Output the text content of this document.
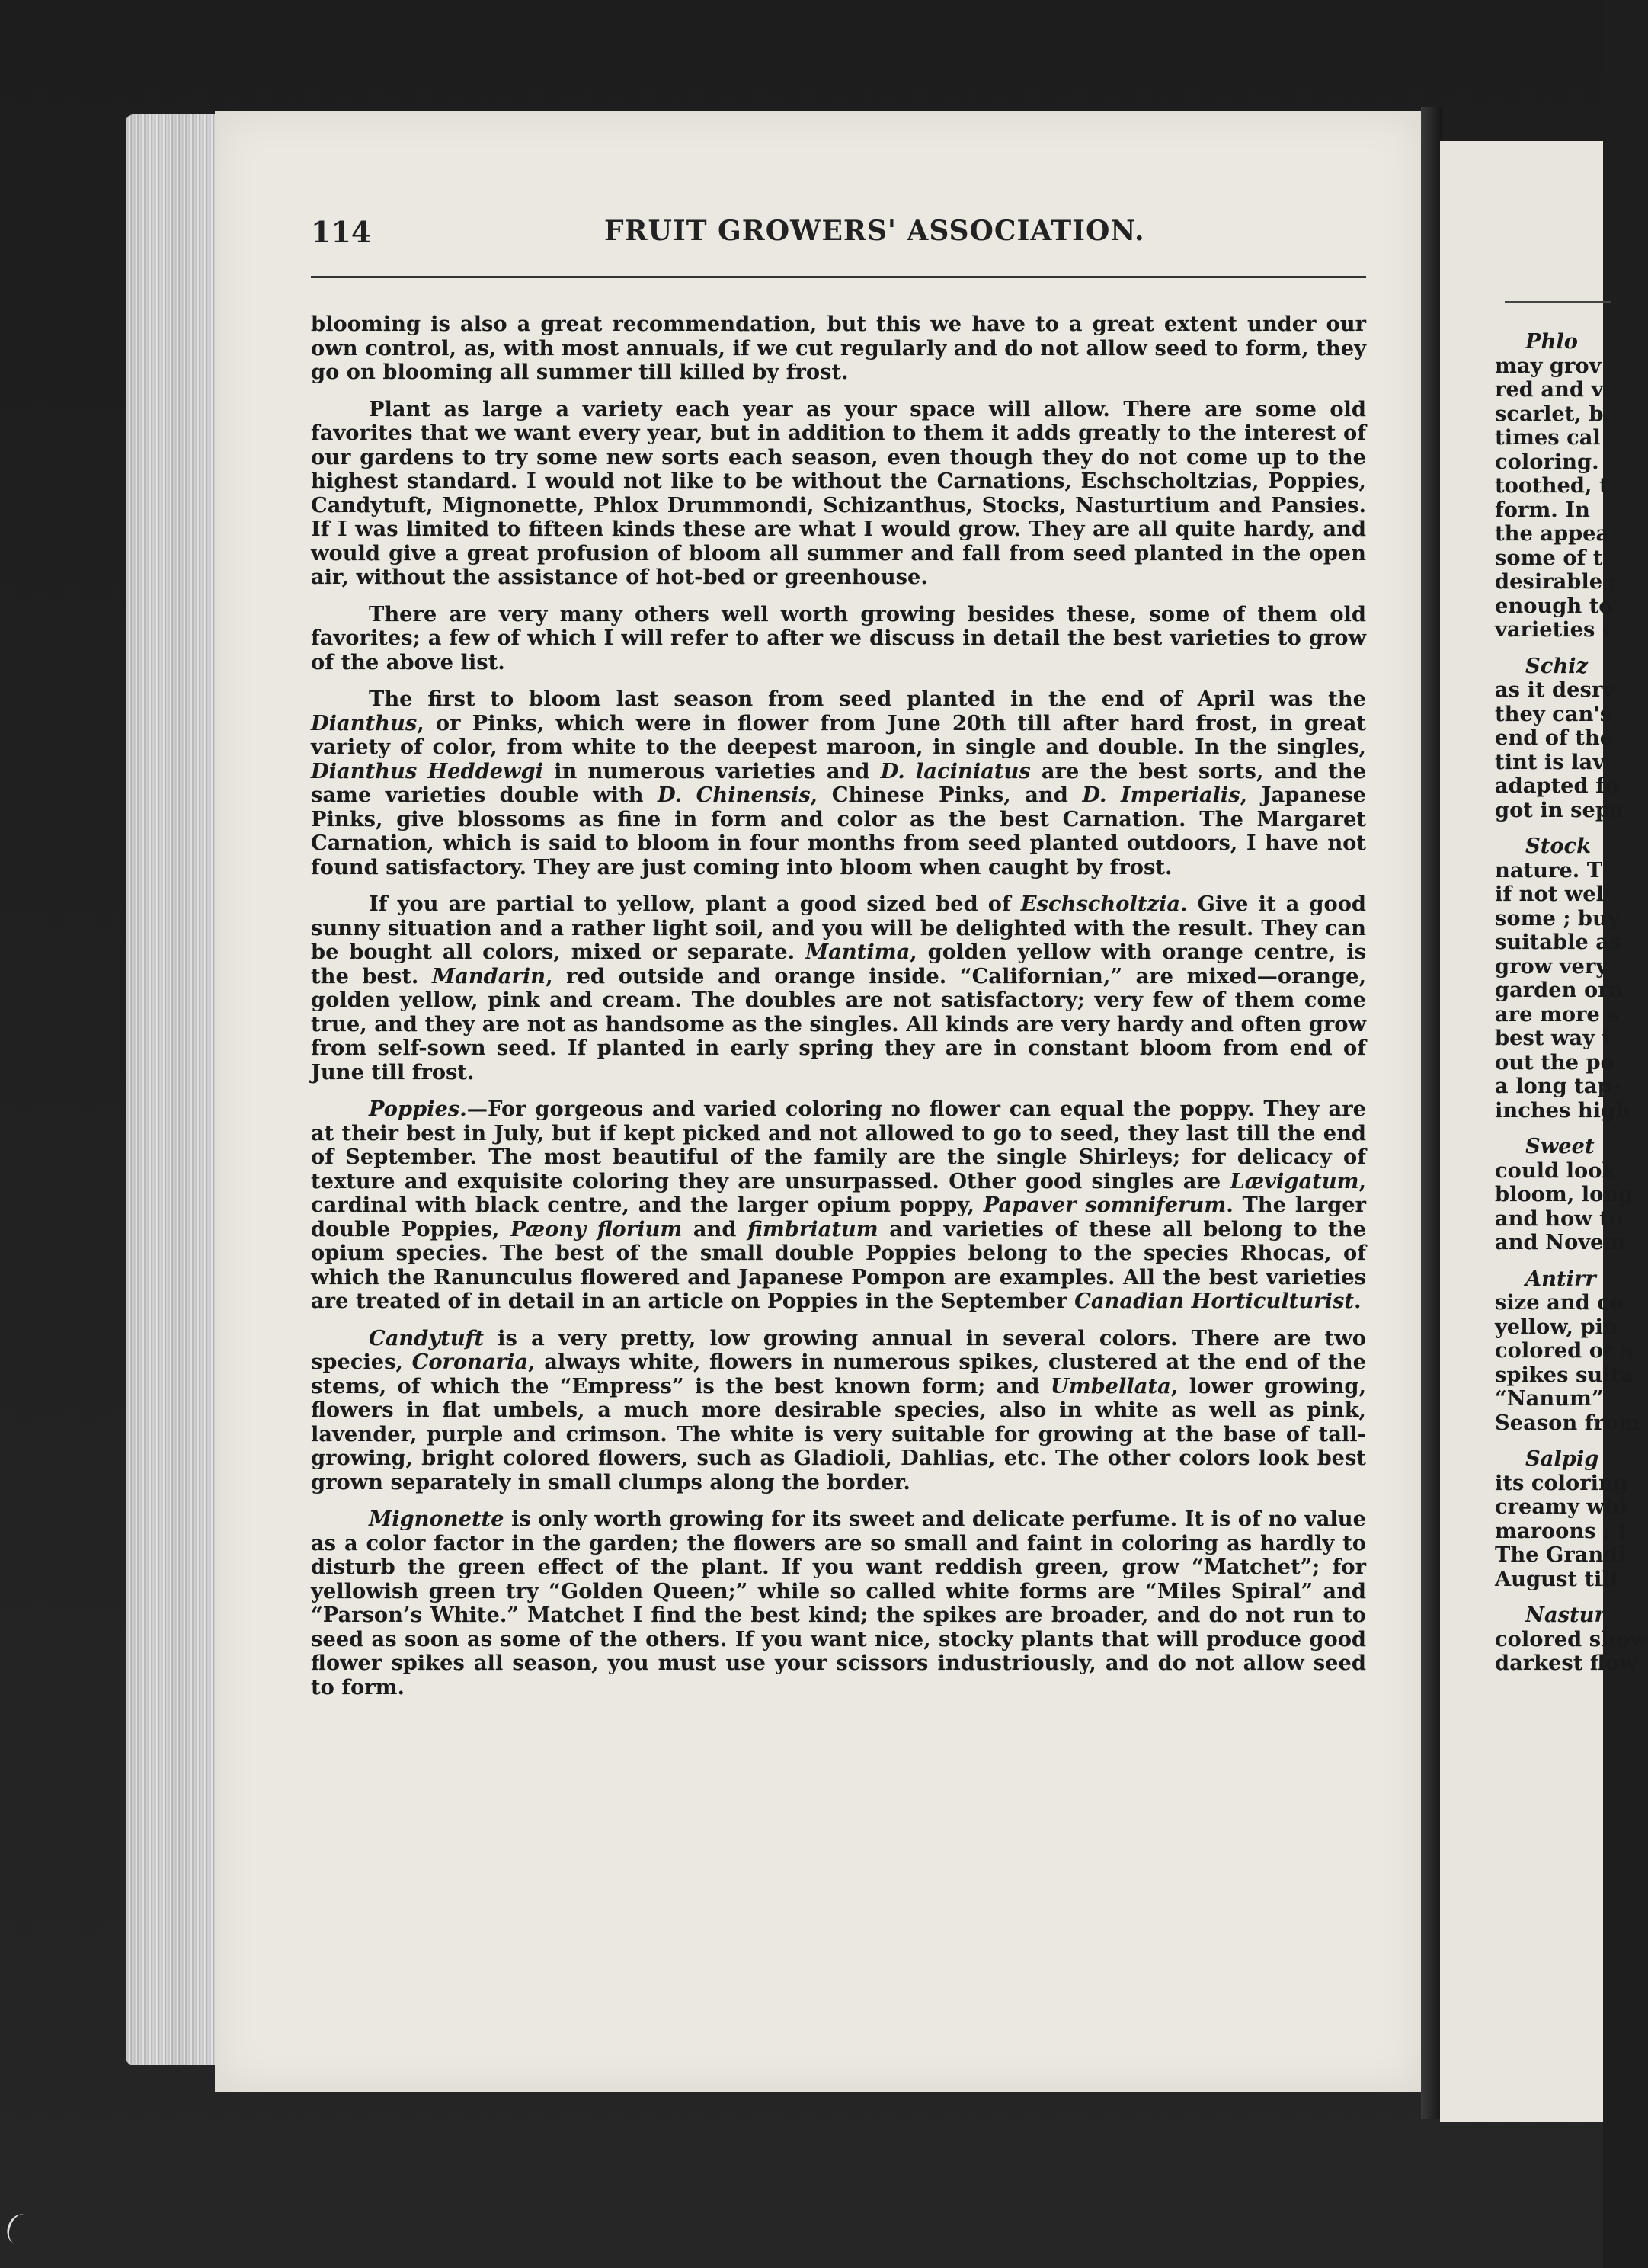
114	FRUIT GROWERS' ASSOCIATION.

blooming is also a great recommendation, but this we have to a great extent under our own control, as, with most annuals, if we cut regularly and do not allow seed to form, they go on blooming all summer till killed by frost.

Plant as large a variety each year as your space will allow. There are some old favorites that we want every year, but in addition to them it adds greatly to the interest of our gardens to try some new sorts each season, even though they do not come up to the highest standard. I would not like to be without the Carnations, Eschscholtzias, Poppies, Candytuft, Mignonette, Phlox Drummondi, Schizanthus, Stocks, Nasturtium and Pansies. If I was limited to fifteen kinds these are what I would grow. They are all quite hardy, and would give a great profusion of bloom all summer and fall from seed planted in the open air, without the assistance of hot-bed or greenhouse.

There are very many others well worth growing besides these, some of them old favorites; a few of which I will refer to after we discuss in detail the best varieties to grow of the above list.

The first to bloom last season from seed planted in the end of April was the Dianthus, or Pinks, which were in flower from June 20th till after hard frost, in great variety of color, from white to the deepest maroon, in single and double. In the singles, Dianthus Heddewgi in numerous varieties and D. laciniatus are the best sorts, and the same varieties double with D. Chinensis, Chinese Pinks, and D. Imperialis, Japanese Pinks, give blossoms as fine in form and color as the best Carnation. The Margaret Carnation, which is said to bloom in four months from seed planted outdoors, I have not found satisfactory. They are just coming into bloom when caught by frost.

If you are partial to yellow, plant a good sized bed of Eschscholtzia. Give it a good sunny situation and a rather light soil, and you will be delighted with the result. They can be bought all colors, mixed or separate. Mantima, golden yellow with orange centre, is the best. Mandarin, red outside and orange inside. “Californian,” are mixed—orange, golden yellow, pink and cream. The doubles are not satisfactory; very few of them come true, and they are not as handsome as the singles. All kinds are very hardy and often grow from self-sown seed. If planted in early spring they are in constant bloom from end of June till frost.

Poppies.—For gorgeous and varied coloring no flower can equal the poppy. They are at their best in July, but if kept picked and not allowed to go to seed, they last till the end of September. The most beautiful of the family are the single Shirleys; for delicacy of texture and exquisite coloring they are unsurpassed. Other good singles are Lævigatum, cardinal with black centre, and the larger opium poppy, Papaver somniferum. The larger double Poppies, Pæony florium and fimbriatum and varieties of these all belong to the opium species. The best of the small double Poppies belong to the species Rhocas, of which the Ranunculus flowered and Japanese Pompon are examples. All the best varieties are treated of in detail in an article on Poppies in the September Canadian Horticulturist.

Candytuft is a very pretty, low growing annual in several colors. There are two species, Coronaria, always white, flowers in numerous spikes, clustered at the end of the stems, of which the “Empress” is the best known form; and Umbellata, lower growing, flowers in flat umbels, a much more desirable species, also in white as well as pink, lavender, purple and crimson. The white is very suitable for growing at the base of tall-growing, bright colored flowers, such as Gladioli, Dahlias, etc. The other colors look best grown separately in small clumps along the border.

Mignonette is only worth growing for its sweet and delicate perfume. It is of no value as a color factor in the garden; the flowers are so small and faint in coloring as hardly to disturb the green effect of the plant. If you want reddish green, grow “Matchet”; for yellowish green try “Golden Queen;” while so called white forms are “Miles Spiral” and “Parson’s White.” Matchet I find the best kind; the spikes are broader, and do not run to seed as soon as some of the others. If you want nice, stocky plants that will produce good flower spikes all season, you must use your scissors industriously, and do not allow seed to form.

Phlo
may grov
red and v
scarlet, b
times cal
coloring.
toothed, t
form. In
the appea
some of t
desirable ;
enough to
varieties c
Schiz
as it desrv
they can's
end of the
tint is lav
adapted fo
got in sepa
Stock
nature. T
if not wel
some ; buy
suitable as
grow very
garden orn
are more s
best way t
out the po
a long tap-
inches high
Sweet
could look
bloom, long
and how to
and Novem
Antirr
size and co
yellow, pin
colored or s
spikes suita
“Nanum”
Season from
Salpig
its coloring
creamy whi
maroons ; t
The Grandi
August till
Nastur
colored show
darkest flow
